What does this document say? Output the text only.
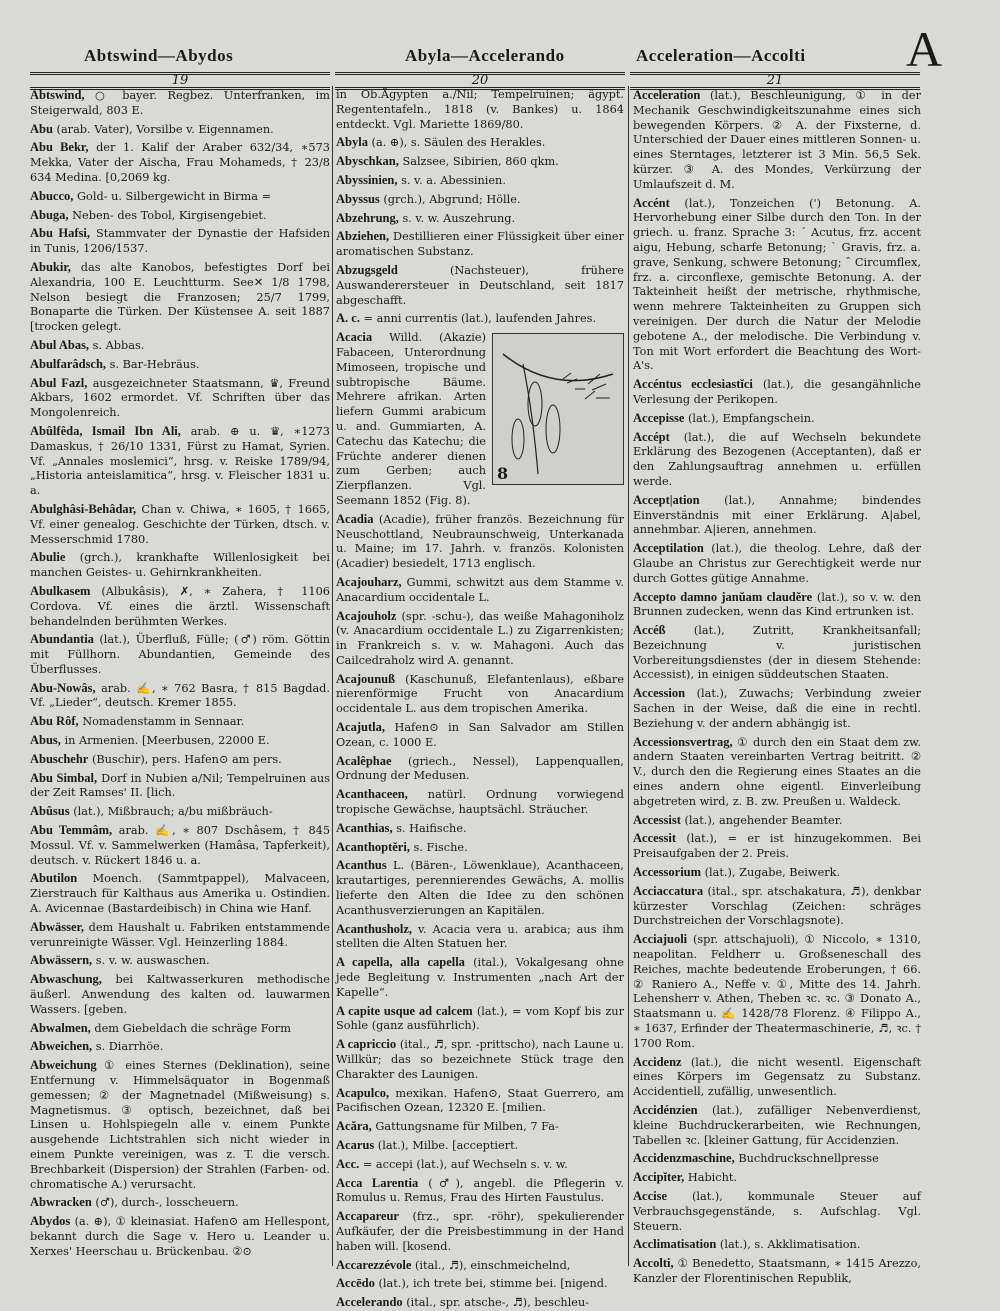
Abtswind—Abydos	Abyla—Accelerando	Acceleration—Accolti A
19	20	21

Abtswind, ○ bayer. Regbez. Unterfranken, im Steigerwald, 803 E.

Abu (arab. Vater), Vorsilbe v. Eigennamen.

Abu Bekr, der 1. Kalif der Araber 632/34, ∗573 Mekka, Vater der Aischa, Frau Mohameds, † 23/8 634 Medina. [0,2069 kg.

Abucco, Gold- u. Silbergewicht in Birma =

Abuga, Neben- des Tobol, Kirgisengebiet.

Abu Hafsi, Stammvater der Dynastie der Hafsiden in Tunis, 1206/1537.

Abukir, das alte Kanobos, befestigtes Dorf bei Alexandria, 100 E. Leuchtturm. See✕ 1/8 1798, Nelson besiegt die Franzosen; 25/7 1799, Bonaparte die Türken. Der Küstensee A. seit 1887 [trocken gelegt.

Abul Abas, s. Abbas.

Abulfarâdsch, s. Bar-Hebräus.

Abul Fazl, ausgezeichneter Staatsmann, ♛, Freund Akbars, 1602 ermordet. Vf. Schriften über das Mongolenreich.

Abûlfêda, Ismail Ibn Ali, arab. ⊕ u. ♛, ∗1273 Damaskus, † 26/10 1331, Fürst zu Hamat, Syrien. Vf. „Annales moslemici“, hrsg. v. Reiske 1789/94, „Historia anteislamitica“, hrsg. v. Fleischer 1831 u. a.

Abulghâsi-Behâdar, Chan v. Chiwa, ∗ 1605, † 1665, Vf. einer genealog. Geschichte der Türken, dtsch. v. Messerschmid 1780.

Abulie (grch.), krankhafte Willenlosigkeit bei manchen Geistes- u. Gehirnkrankheiten.

Abulkasem (Albukâsis), ✗, ∗ Zahera, † 1106 Cordova. Vf. eines die ärztl. Wissenschaft behandelnden berühmten Werkes.

Abundantia (lat.), Überfluß, Fülle; (♂) röm. Göttin mit Füllhorn. Abundantien, Gemeinde des Überflusses.

Abu-Nowâs, arab. ✍, ∗ 762 Basra, † 815 Bagdad. Vf. „Lieder“, deutsch. Kremer 1855.

Abu Rôf, Nomadenstamm in Sennaar.

Abus, in Armenien. [Meerbusen, 22000 E.

Abuschehr (Buschir), pers. Hafen⊙ am pers.

Abu Simbal, Dorf in Nubien a/Nil; Tempelruinen aus der Zeit Ramses' II. [lich.

Abûsus (lat.), Mißbrauch; a/bu mißbräuch-

Abu Temmâm, arab. ✍, ∗ 807 Dschâsem, † 845 Mossul. Vf. v. Sammelwerken (Hamâsa, Tapferkeit), deutsch. v. Rückert 1846 u. a.

Abutilon Moench. (Sammtpappel), Malvaceen, Zierstrauch für Kalthaus aus Amerika u. Ostindien. A. Avicennae (Bastardeibisch) in China wie Hanf.

Abwässer, dem Haushalt u. Fabriken entstammende verunreinigte Wässer. Vgl. Heinzerling 1884.

Abwässern, s. v. w. auswaschen.

Abwaschung, bei Kaltwasserkuren methodische äußerl. Anwendung des kalten od. lauwarmen Wassers. [geben.

Abwalmen, dem Giebeldach die schräge Form

Abweichen, s. Diarrhöe.

Abweichung ① eines Sternes (Deklination), seine Entfernung v. Himmelsäquator in Bogenmaß gemessen; ② der Magnetnadel (Mißweisung) s. Magnetismus. ③ optisch, bezeichnet, daß bei Linsen u. Hohlspiegeln alle v. einem Punkte ausgehende Lichtstrahlen sich nicht wieder in einem Punkte vereinigen, was z. T. die versch. Brechbarkeit (Dispersion) der Strahlen (Farben- od. chromatische A.) verursacht.

Abwracken (♂), durch-, losscheuern.

Abydos (a. ⊕), ① kleinasiat. Hafen⊙ am Hellespont, bekannt durch die Sage v. Hero u. Leander u. Xerxes' Heerschau u. Brückenbau. ②⊙

in Ob.Ägypten a./Nil; Tempelruinen; ägypt. Regententafeln., 1818 (v. Bankes) u. 1864 entdeckt. Vgl. Mariette 1869/80.

Abyla (a. ⊕), s. Säulen des Herakles.

Abyschkan, Salzsee, Sibirien, 860 qkm.

Abyssinien, s. v. a. Abessinien.

Abyssus (grch.), Abgrund; Hölle.

Abzehrung, s. v. w. Auszehrung.

Abziehen, Destillieren einer Flüssigkeit über einer aromatischen Substanz.

Abzugsgeld	(Nachsteuer), frühere Auswanderersteuer in Deutschland, seit 1817 abgeschafft.

A. c. = anni currentis (lat.), laufenden Jahres.

8
Acacia Willd. (Akazie) Fabaceen, Unterordnung Mimoseen, tropische und subtropische Bäume. Mehrere afrikan. Arten liefern Gummi arabicum u. and. Gummiarten, A. Catechu das Katechu; die Früchte anderer dienen zum Gerben; auch Zierpflanzen. Vgl. Seemann 1852 (Fig. 8).

Acadia (Acadie), früher französ. Bezeichnung für Neuschottland, Neubraunschweig, Unterkanada u. Maine; im 17. Jahrh. v. französ. Kolonisten (Acadier) besiedelt, 1713 englisch.

Acajouharz, Gummi, schwitzt aus dem Stamme v. Anacardium occidentale L.

Acajouholz (spr. -schu-), das weiße Mahagoniholz (v. Anacardium occidentale L.) zu Zigarrenkisten; in Frankreich s. v. w. Mahagoni. Auch das Cailcedraholz wird A. genannt.

Acajounuß (Kaschunuß, Elefantenlaus), eßbare nierenförmige Frucht von Anacardium occidentale L. aus dem tropischen Amerika.

Acajutla, Hafen⊙ in San Salvador am Stillen Ozean, c. 1000 E.

Acalêphae (griech., Nessel), Lappenquallen, Ordnung der Medusen.

Acanthaceen, natürl. Ordnung vorwiegend tropische Gewächse, hauptsächl. Sträucher.

Acanthias, s. Haifische.

Acanthoptĕri, s. Fische.

Acanthus L. (Bären-, Löwenklaue), Acanthaceen, krautartiges, perennierendes Gewächs, A. mollis lieferte den Alten die Idee zu den schönen Acanthusverzierungen an Kapitälen.

Acanthusholz, v. Acacia vera u. arabica; aus ihm stellten die Alten Statuen her.

A capella, alla capella (ital.), Vokalgesang ohne jede Begleitung v. Instrumenten „nach Art der Kapelle“.

A capite usque ad calcem (lat.), = vom Kopf bis zur Sohle (ganz ausführlich).

A capriccio (ital., ♬, spr. -prittscho), nach Laune u. Willkür; das so bezeichnete Stück trage den Charakter des Launigen.

Acapulco, mexikan. Hafen⊙, Staat Guerrero, am Pacifischen Ozean, 12320 E. [milien.

Acăra, Gattungsname für Milben, 7 Fa-

Acarus (lat.), Milbe. [acceptiert.

Acc. = accepi (lat.), auf Wechseln s. v. w.

Acca Larentia (♂), angebl. die Pflegerin v. Romulus u. Remus, Frau des Hirten Faustulus.

Accapareur (frz., spr. -röhr), spekulierender Aufkäufer, der die Preisbestimmung in der Hand haben will. [kosend.

Accarezzévole (ital., ♬), einschmeichelnd,

Accēdo (lat.), ich trete bei, stimme bei. [nigend.

Accelerando (ital., spr. atsche-, ♬), beschleu-

Acceleration (lat.), Beschleunigung, ① in der Mechanik Geschwindigkeitszunahme eines sich bewegenden Körpers. ② A. der Fixsterne, d. Unterschied der Dauer eines mittleren Sonnen- u. eines Sterntages, letzterer ist 3 Min. 56,5 Sek. kürzer. ③ A. des Mondes, Verkürzung der Umlaufszeit d. M.

Accént (lat.), Tonzeichen (') Betonung. A. Hervorhebung einer Silbe durch den Ton. In der griech. u. franz. Sprache 3: ´ Acutus, frz. accent aigu, Hebung, scharfe Betonung; ` Gravis, frz. a. grave, Senkung, schwere Betonung; ˆ Circumflex, frz. a. circonflexe, gemischte Betonung. A. der Takteinheit heißt der metrische, rhythmische, wenn mehrere Takteinheiten zu Gruppen sich vereinigen. Der durch die Natur der Melodie gebotene A., der melodische. Die Verbindung v. Ton mit Wort erfordert die Beachtung des Wort-A's.

Accéntus ecclesiastĭci (lat.), die gesangähnliche Verlesung der Perikopen.

Accepisse (lat.), Empfangschein.

Accépt (lat.), die auf Wechseln bekundete Erklärung des Bezogenen (Acceptanten), daß er den Zahlungsauftrag annehmen u. erfüllen werde.

Accept|ation (lat.), Annahme; bindendes Einverständnis mit einer Erklärung. A|abel, annehmbar. A|ieren, annehmen.

Acceptilation (lat.), die theolog. Lehre, daß der Glaube an Christus zur Gerechtigkeit werde nur durch Gottes gütige Annahme.

Accepto damno janŭam claudĕre (lat.), so v. w. den Brunnen zudecken, wenn das Kind ertrunken ist.

Accéß (lat.), Zutritt, Krankheitsanfall; Bezeichnung v. juristischen Vorbereitungsdienstes (der in diesem Stehende: Accessist), in einigen süddeutschen Staaten.

Accession (lat.), Zuwachs; Verbindung zweier Sachen in der Weise, daß die eine in rechtl. Beziehung v. der andern abhängig ist.

Accessionsvertrag, ① durch den ein Staat dem zw. andern Staaten vereinbarten Vertrag beitritt. ② V., durch den die Regierung eines Staates an die eines andern ohne eigentl. Einverleibung abgetreten wird, z. B. zw. Preußen u. Waldeck.

Accessist (lat.), angehender Beamter.

Accessit (lat.), = er ist hinzugekommen. Bei Preisaufgaben der 2. Preis.

Accessorium (lat.), Zugabe, Beiwerk.

Acciaccatura (ital., spr. atschakatura, ♬), denkbar kürzester Vorschlag (Zeichen: schräges Durchstreichen der Vorschlagsnote).

Acciajuoli (spr. attschajuoli), ① Niccolo, ∗ 1310, neapolitan. Feldherr u. Großseneschall des Reiches, machte bedeutende Eroberungen, † 66. ② Raniero A., Neffe v. ①, Mitte des 14. Jahrh. Lehensherr v. Athen, Theben ꝛc. ꝛc. ③ Donato A., Staatsmann u. ✍ 1428/78 Florenz. ④ Filippo A., ∗ 1637, Erfinder der Theatermaschinerie, ♬, ꝛc. † 1700 Rom.

Accidenz (lat.), die nicht wesentl. Eigenschaft eines Körpers im Gegensatz zu Substanz. Accidentiell, zufällig, unwesentlich.

Accidénzien (lat.), zufälliger Nebenverdienst, kleine Buchdruckerarbeiten, wie Rechnungen, Tabellen ꝛc. [kleiner Gattung, für Accidenzien.

Accidenzmaschine, Buchdruckschnellpresse

Accipĭter, Habicht.

Accise (lat.), kommunale Steuer auf Verbrauchsgegenstände, s. Aufschlag. Vgl. Steuern.

Acclimatisation (lat.), s. Akklimatisation.

Accolti, ① Benedetto, Staatsmann, ∗ 1415 Arezzo, Kanzler der Florentinischen Republik,
